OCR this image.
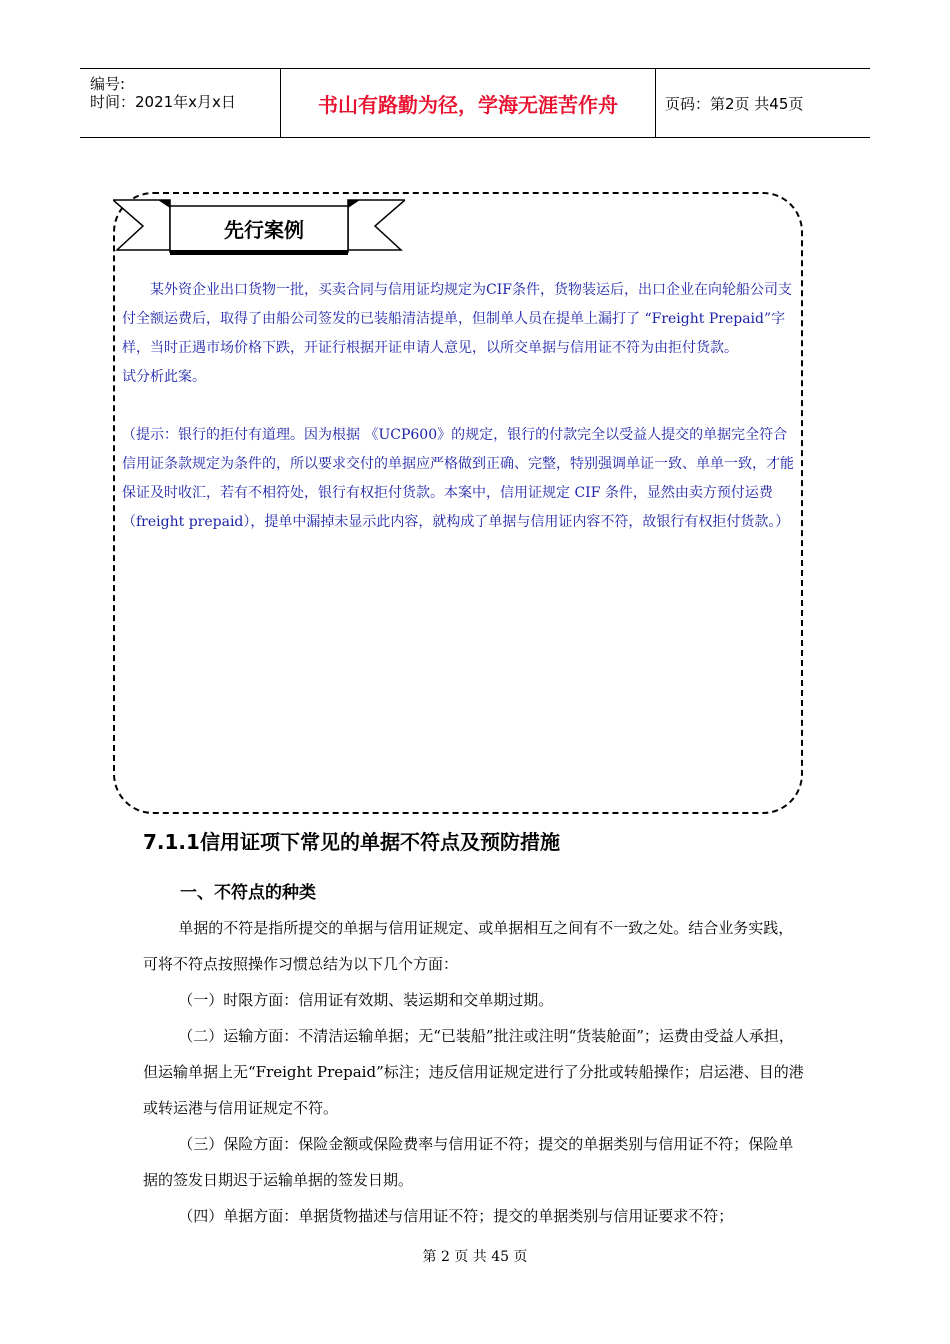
编号:
时间：2021年x月x日	书山有路勤为径，学海无涯苦作舟	页码：第2页 共45页
先行案例

某外资企业出口货物一批，买卖合同与信用证均规定为CIF条件，货物装运后，出口企业在向轮船公司支付全额运费后，取得了由船公司签发的已装船清洁提单，但制单人员在提单上漏打了 “Freight Prepaid”字样，当时正遇市场价格下跌，开证行根据开证申请人意见，以所交单据与信用证不符为由拒付货款。

试分析此案。

（提示：银行的拒付有道理。因为根据 《UCP600》的规定，银行的付款完全以受益人提交的单据完全符合信用证条款规定为条件的，所以要求交付的单据应严格做到正确、完整，特别强调单证一致、单单一致，才能保证及时收汇，若有不相符处，银行有权拒付货款。本案中，信用证规定 CIF 条件，显然由卖方预付运费（freight prepaid），提单中漏掉未显示此内容，就构成了单据与信用证内容不符，故银行有权拒付货款。）

7.1.1信用证项下常见的单据不符点及预防措施
一、不符点的种类

单据的不符是指所提交的单据与信用证规定、或单据相互之间有不一致之处。结合业务实践，可将不符点按照操作习惯总结为以下几个方面：

（一）时限方面：信用证有效期、装运期和交单期过期。

（二）运输方面：不清洁运输单据；无“已装船”批注或注明“货装舱面”；运费由受益人承担，但运输单据上无“Freight Prepaid”标注；违反信用证规定进行了分批或转船操作；启运港、目的港或转运港与信用证规定不符。

（三）保险方面：保险金额或保险费率与信用证不符；提交的单据类别与信用证不符；保险单据的签发日期迟于运输单据的签发日期。

（四）单据方面：单据货物描述与信用证不符；提交的单据类别与信用证要求不符；

第 2 页 共 45 页
